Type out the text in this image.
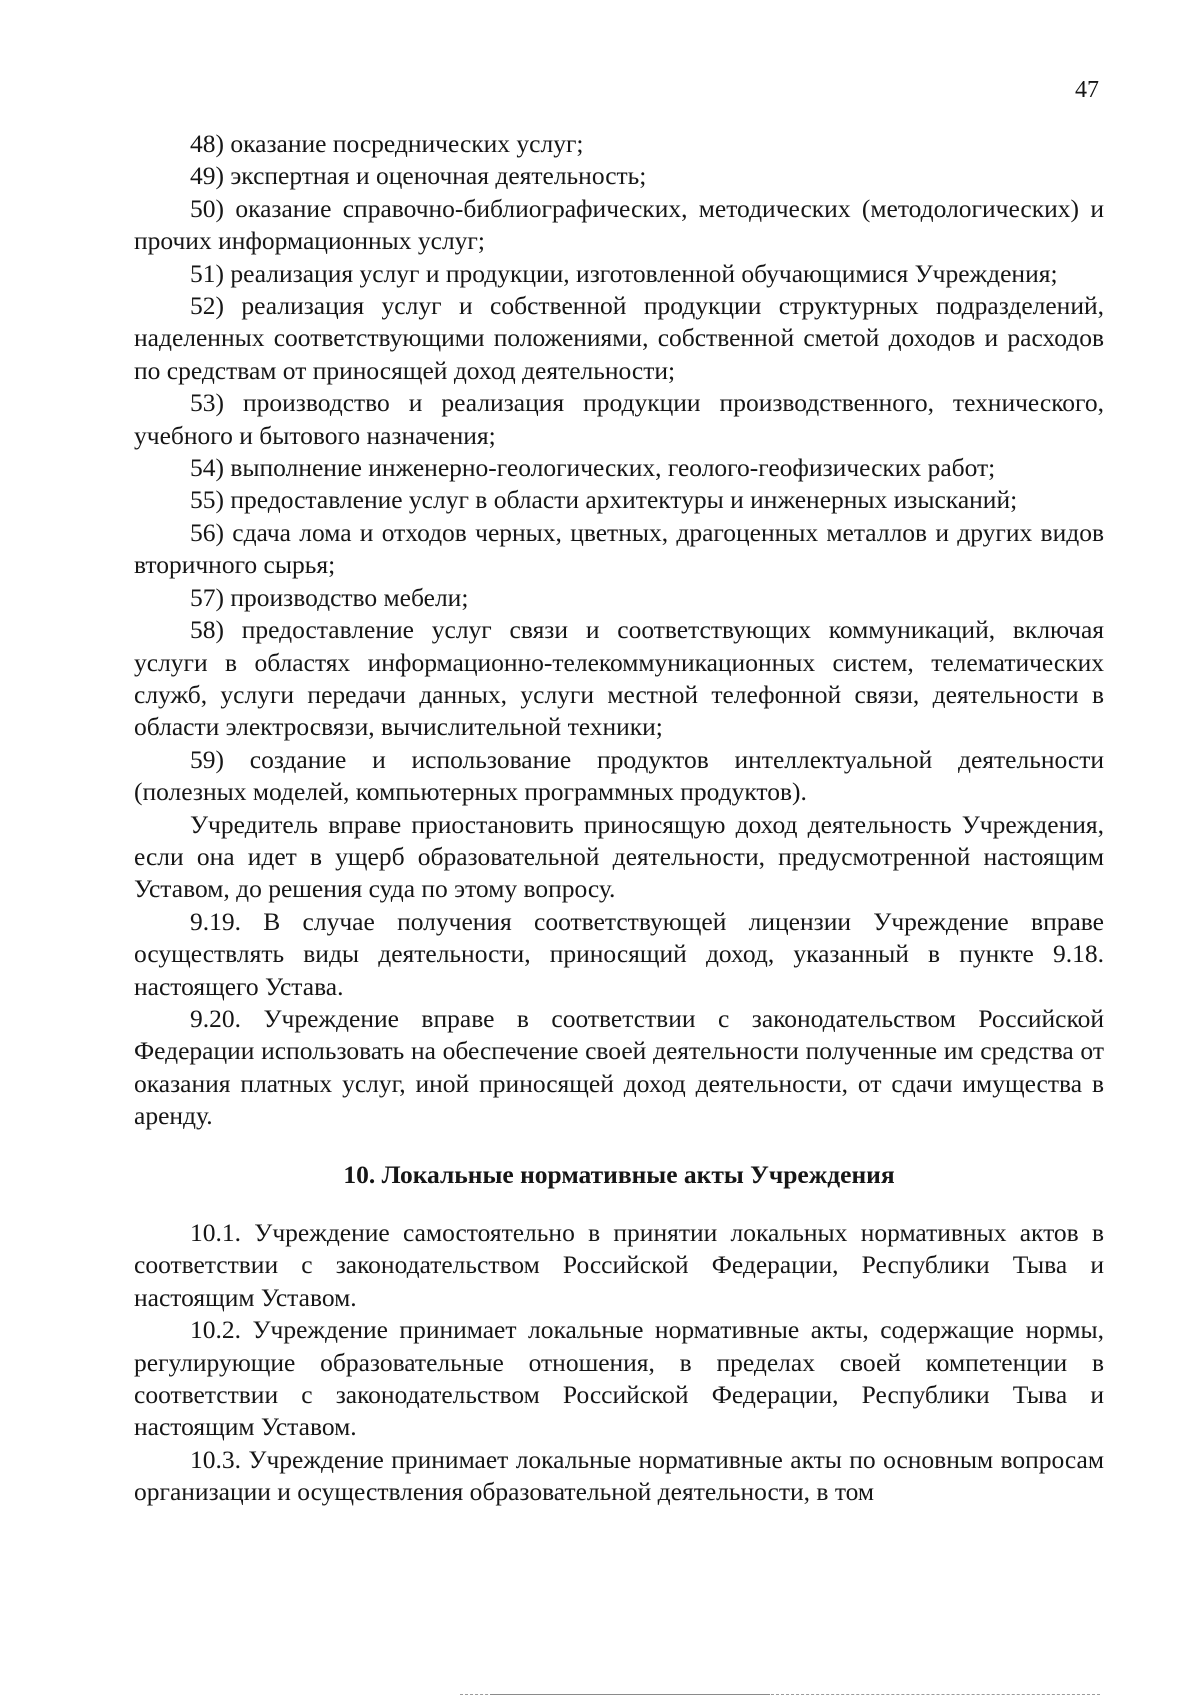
47

48) оказание посреднических услуг;

49) экспертная и оценочная деятельность;

50) оказание справочно-библиографических, методических (методологических) и прочих информационных услуг;

51) реализация услуг и продукции, изготовленной обучающимися Учреждения;

52) реализация услуг и собственной продукции структурных подразделений, наделенных соответствующими положениями, собственной сметой доходов и расходов по средствам от приносящей доход деятельности;

53) производство и реализация продукции производственного, технического, учебного и бытового назначения;

54) выполнение инженерно-геологических, геолого-геофизических работ;

55) предоставление услуг в области архитектуры и инженерных изысканий;

56) сдача лома и отходов черных, цветных, драгоценных металлов и других видов вторичного сырья;

57) производство мебели;

58) предоставление услуг связи и соответствующих коммуникаций, включая услуги в областях информационно-телекоммуникационных систем, телематических служб, услуги передачи данных, услуги местной телефонной связи, деятельности в области электросвязи, вычислительной техники;

59) создание и использование продуктов интеллектуальной деятельности (полезных моделей, компьютерных программных продуктов).

Учредитель вправе приостановить приносящую доход деятельность Учреждения, если она идет в ущерб образовательной деятельности, предусмотренной настоящим Уставом, до решения суда по этому вопросу.

9.19. В случае получения соответствующей лицензии Учреждение вправе осуществлять виды деятельности, приносящий доход, указанный в пункте 9.18. настоящего Устава.

9.20. Учреждение вправе в соответствии с законодательством Российской Федерации использовать на обеспечение своей деятельности полученные им средства от оказания платных услуг, иной приносящей доход деятельности, от сдачи имущества в аренду.

10. Локальные нормативные акты Учреждения

10.1. Учреждение самостоятельно в принятии локальных нормативных актов в соответствии с законодательством Российской Федерации, Республики Тыва и настоящим Уставом.

10.2. Учреждение принимает локальные нормативные акты, содержащие нормы, регулирующие образовательные отношения, в пределах своей компетенции в соответствии с законодательством Российской Федерации, Республики Тыва и настоящим Уставом.

10.3. Учреждение принимает локальные нормативные акты по основным вопросам организации и осуществления образовательной деятельности, в том
